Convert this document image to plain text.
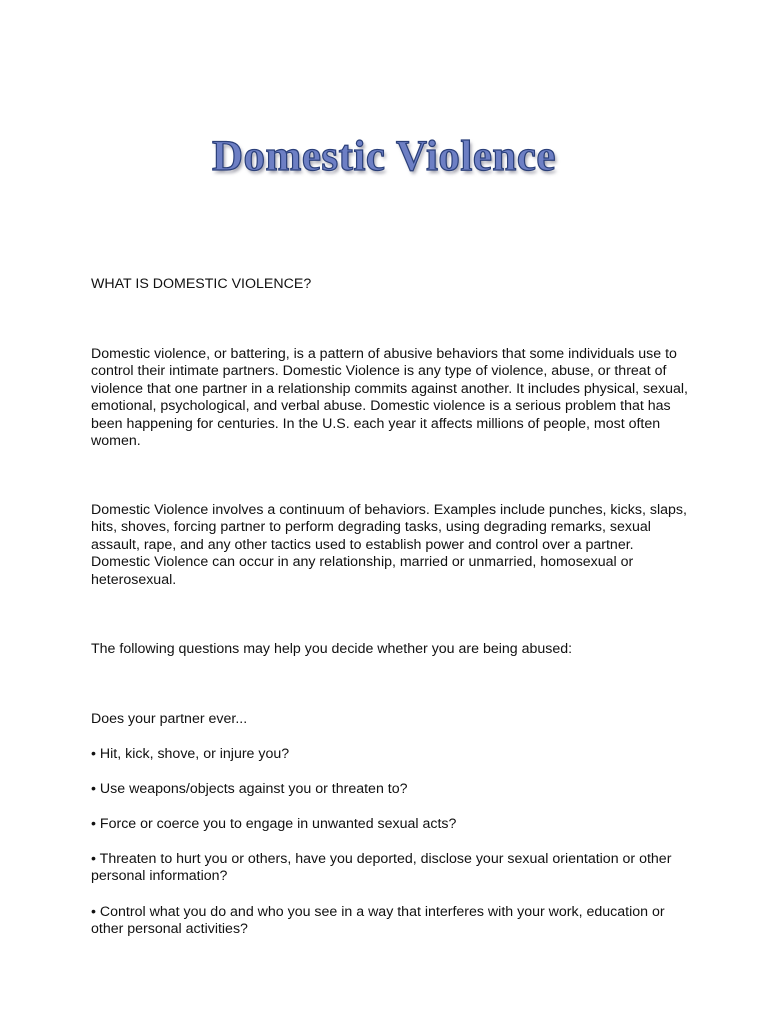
Domestic Violence

WHAT IS DOMESTIC VIOLENCE?

Domestic violence, or battering, is a pattern of abusive behaviors that some individuals use to control their intimate partners. Domestic Violence is any type of violence, abuse, or threat of violence that one partner in a relationship commits against another. It includes physical, sexual, emotional, psychological, and verbal abuse. Domestic violence is a serious problem that has been happening for centuries. In the U.S. each year it affects millions of people, most often women.

Domestic Violence involves a continuum of behaviors. Examples include punches, kicks, slaps, hits, shoves, forcing partner to perform degrading tasks, using degrading remarks, sexual assault, rape, and any other tactics used to establish power and control over a partner. Domestic Violence can occur in any relationship, married or unmarried, homosexual or heterosexual.

The following questions may help you decide whether you are being abused:

Does your partner ever...

• Hit, kick, shove, or injure you?

• Use weapons/objects against you or threaten to?

• Force or coerce you to engage in unwanted sexual acts?

• Threaten to hurt you or others, have you deported, disclose your sexual orientation or other personal information?

• Control what you do and who you see in a way that interferes with your work, education or other personal activities?
